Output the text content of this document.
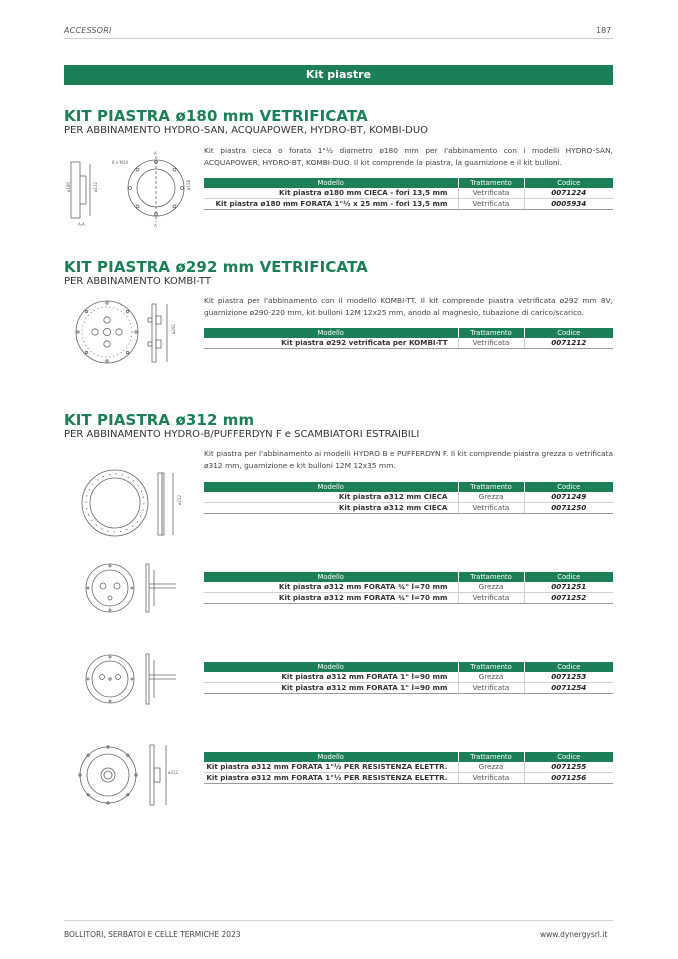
ACCESSORI	187
Kit piastre
KIT PIASTRA ø180 mm VETRIFICATA
PER ABBINAMENTO HYDRO-SAN, ACQUAPOWER, HYDRO-BT, KOMBI-DUO
ø180	ø132
A-A
8 x M10
ø158
A
A
Kit piastra cieca o forata 1"½ diametro ø180 mm per l'abbinamento con i modelli HYDRO-SAN, ACQUAPOWER, HYDRO-BT, KOMBI-DUO. Il kit comprende la piastra, la guarnizione e il kit bulloni.
Modello	Trattamento	Codice
Kit piastra ø180 mm CIECA - fori 13,5 mm	Vetrificata	0071224
Kit piastra ø180 mm FORATA 1"½ x 25 mm - fori 13,5 mm	Vetrificata	0005934
KIT PIASTRA ø292 mm VETRIFICATA
PER ABBINAMENTO KOMBI-TT
ø292
Kit piastra per l'abbinamento con il modello KOMBI-TT. Il kit comprende piastra vetrificata ø292 mm 8V, guarnizione ø290-220 mm, kit bulloni 12M 12x25 mm, anodo al magnesio, tubazione di carico/scarico.
Modello	Trattamento	Codice
Kit piastra ø292 vetrificata per KOMBI-TT	Vetrificata	0071212
KIT PIASTRA ø312 mm
PER ABBINAMENTO HYDRO-B/PUFFERDYN F e SCAMBIATORI ESTRAIBILI
Kit piastra per l'abbinamento ai modelli HYDRO B e PUFFERDYN F. Il kit comprende piastra grezza o vetrificata ø312 mm, guarnizione e kit bulloni 12M 12x35 mm.
ø312
Modello	Trattamento	Codice
Kit piastra ø312 mm CIECA	Grezza	0071249
Kit piastra ø312 mm CIECA	Vetrificata	0071250
Modello	Trattamento	Codice
Kit piastra ø312 mm FORATA ¾" l=70 mm	Grezza	0071251
Kit piastra ø312 mm FORATA ¾" l=70 mm	Vetrificata	0071252
Modello	Trattamento	Codice
Kit piastra ø312 mm FORATA 1" l=90 mm	Grezza	0071253
Kit piastra ø312 mm FORATA 1" l=90 mm	Vetrificata	0071254
ø312
Modello	Trattamento	Codice
Kit piastra ø312 mm FORATA 1"½ PER RESISTENZA ELETTR.	Grezza	0071255
Kit piastra ø312 mm FORATA 1"½ PER RESISTENZA ELETTR.	Vetrificata	0071256
BOLLITORI, SERBATOI E CELLE TERMICHE 2023	www.dynergysrl.it
